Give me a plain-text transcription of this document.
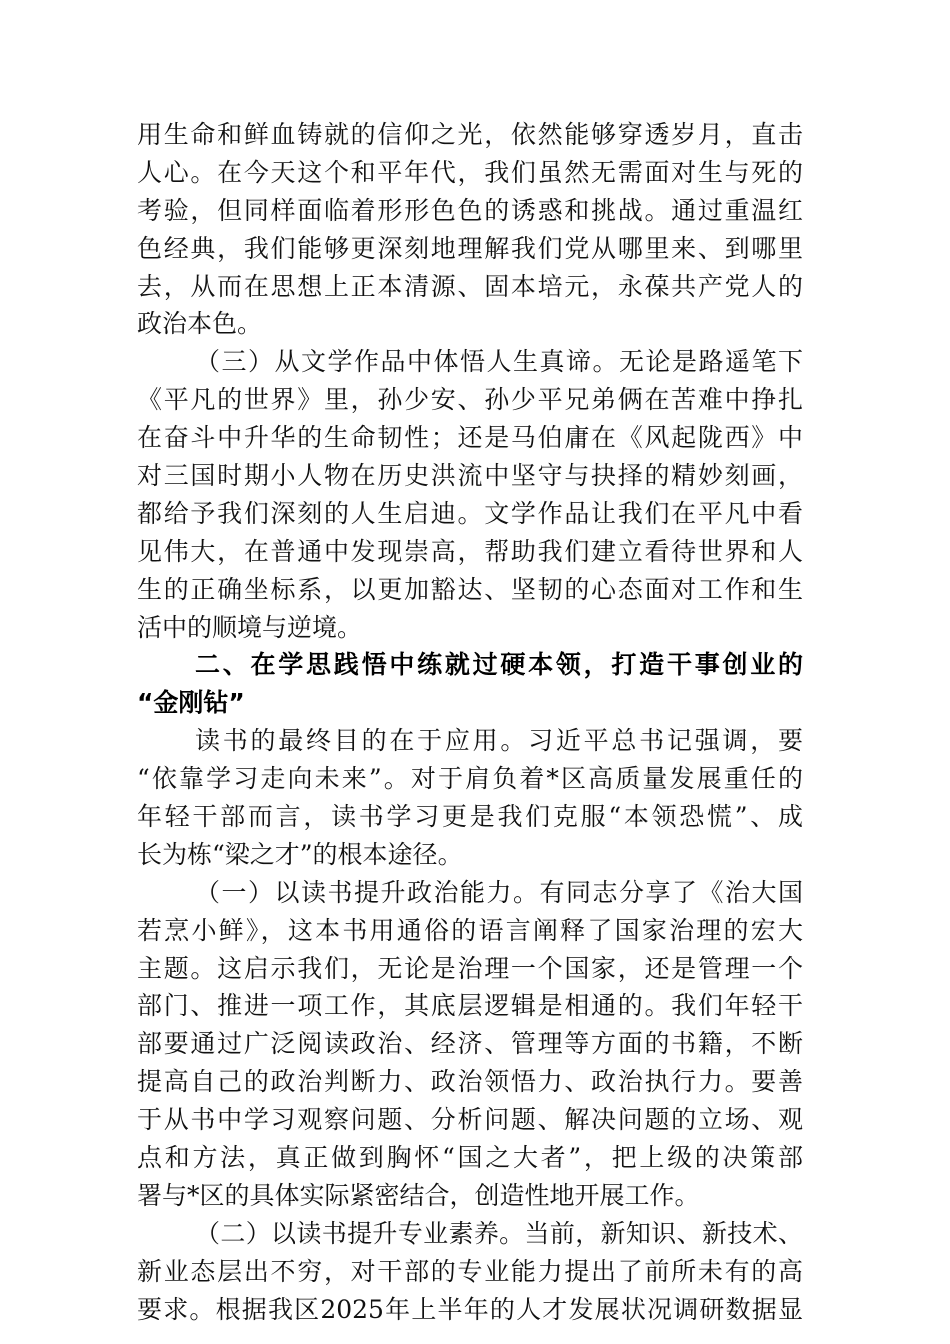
用生命和鲜血铸就的信仰之光，依然能够穿透岁月，直击
人心。在今天这个和平年代，我们虽然无需面对生与死的
考验，但同样面临着形形色色的诱惑和挑战。通过重温红
色经典，我们能够更深刻地理解我们党从哪里来、到哪里
去，从而在思想上正本清源、固本培元，永葆共产党人的
政治本色。
（三）从文学作品中体悟人生真谛。无论是路遥笔下
《平凡的世界》里，孙少安、孙少平兄弟俩在苦难中挣扎
在奋斗中升华的生命韧性；还是马伯庸在《风起陇西》中
对三国时期小人物在历史洪流中坚守与抉择的精妙刻画，
都给予我们深刻的人生启迪。文学作品让我们在平凡中看
见伟大，在普通中发现崇高，帮助我们建立看待世界和人
生的正确坐标系，以更加豁达、坚韧的心态面对工作和生
活中的顺境与逆境。
二、在学思践悟中练就过硬本领，打造干事创业的
“金刚钻”
读书的最终目的在于应用。习近平总书记强调，要
“依靠学习走向未来”。对于肩负着*区高质量发展重任的
年轻干部而言，读书学习更是我们克服“本领恐慌”、成
长为栋“梁之才”的根本途径。
（一）以读书提升政治能力。有同志分享了《治大国
若烹小鲜》，这本书用通俗的语言阐释了国家治理的宏大
主题。这启示我们，无论是治理一个国家，还是管理一个
部门、推进一项工作，其底层逻辑是相通的。我们年轻干
部要通过广泛阅读政治、经济、管理等方面的书籍，不断
提高自己的政治判断力、政治领悟力、政治执行力。要善
于从书中学习观察问题、分析问题、解决问题的立场、观
点和方法，真正做到胸怀“国之大者”，把上级的决策部
署与*区的具体实际紧密结合，创造性地开展工作。
（二）以读书提升专业素养。当前，新知识、新技术、
新业态层出不穷，对干部的专业能力提出了前所未有的高
要求。根据我区2025年上半年的人才发展状况调研数据显
